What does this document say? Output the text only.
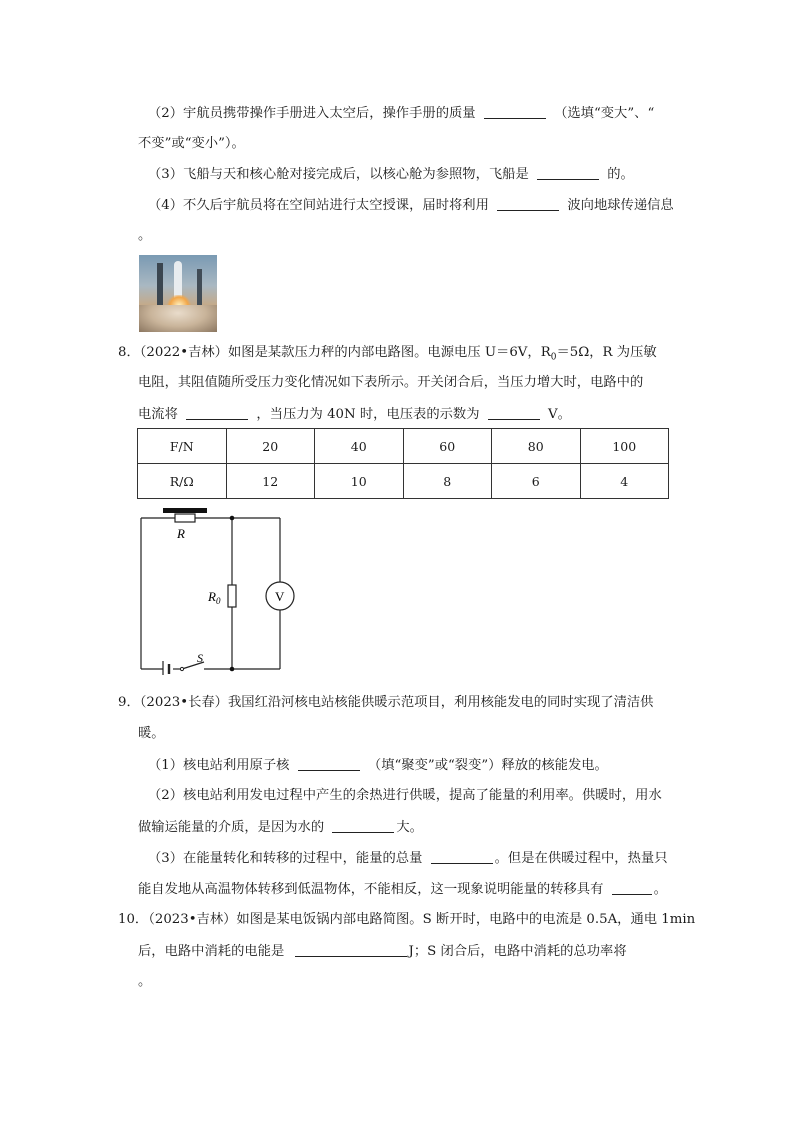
（2）宇航员携带操作手册进入太空后，操作手册的质量	（选填“变大”、“
不变”或“变小”）。
（3）飞船与天和核心舱对接完成后，以核心舱为参照物，飞船是	的。
（4）不久后宇航员将在空间站进行太空授课，届时将利用	波向地球传递信息
。
8．（2022•吉林）如图是某款压力秤的内部电路图。电源电压 U＝6V，$R_0=5\Omega$，R 为压敏
电阻，其阻值随所受压力变化情况如下表所示。开关闭合后，当压力增大时，电路中的
电流将	，当压力为 40N 时，电压表的示数为	V。
F/N	20	40	60	80	100
R/Ω	12	10	8	6	4
R
$R_0$	V
S
9．（2023•长春）我国红沿河核电站核能供暖示范项目，利用核能发电的同时实现了清洁供
暖。
（1）核电站利用原子核	（填“聚变”或“裂变”）释放的核能发电。
（2）核电站利用发电过程中产生的余热进行供暖，提高了能量的利用率。供暖时，用水
做输运能量的介质，是因为水的	大。
（3）在能量转化和转移的过程中，能量的总量	。但是在供暖过程中，热量只
能自发地从高温物体转移到低温物体，不能相反，这一现象说明能量的转移具有	。
10．（2023•吉林）如图是某电饭锅内部电路简图。S 断开时，电路中的电流是 0.5A，通电 1min
后，电路中消耗的电能是	J；S 闭合后，电路中消耗的总功率将
。
